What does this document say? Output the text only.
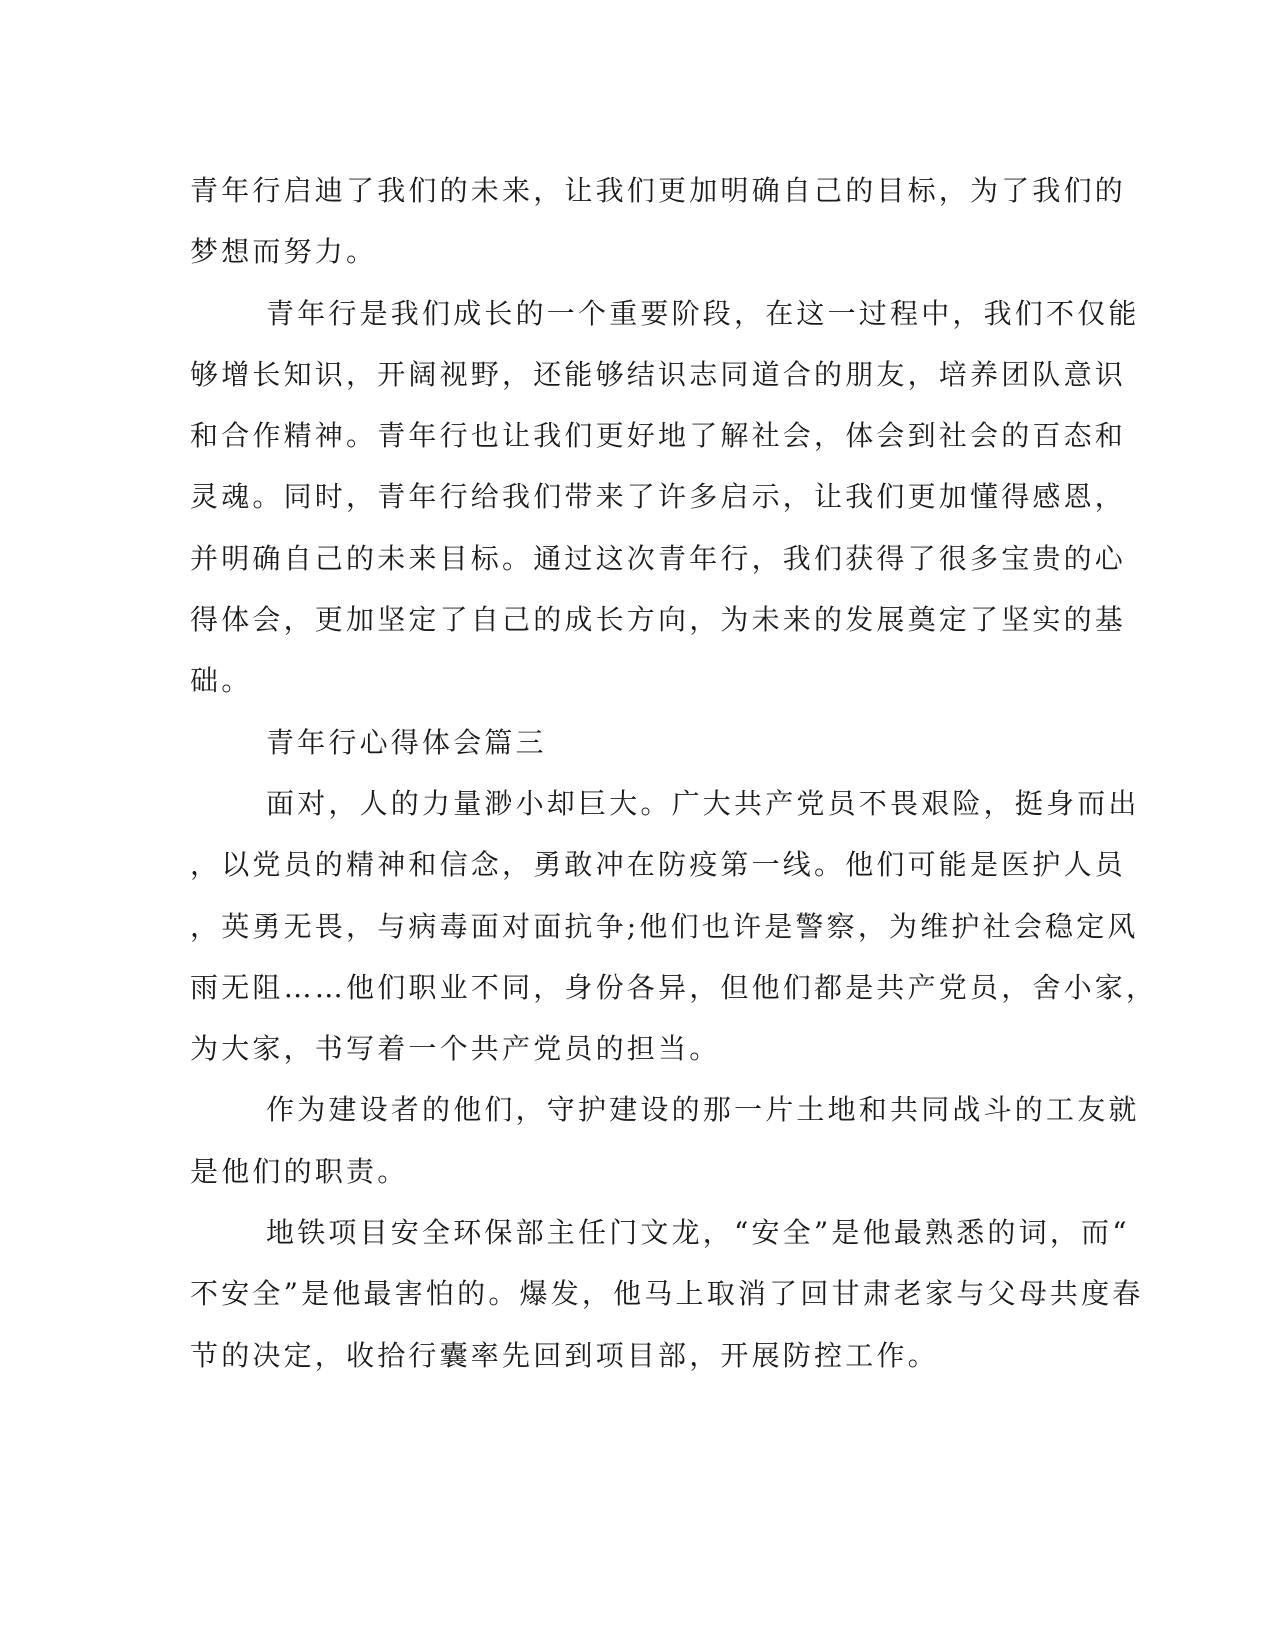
青年行启迪了我们的未来，让我们更加明确自己的目标，为了我们的
梦想而努力。
青年行是我们成长的一个重要阶段，在这一过程中，我们不仅能
够增长知识，开阔视野，还能够结识志同道合的朋友，培养团队意识
和合作精神。青年行也让我们更好地了解社会，体会到社会的百态和
灵魂。同时，青年行给我们带来了许多启示，让我们更加懂得感恩，
并明确自己的未来目标。通过这次青年行，我们获得了很多宝贵的心
得体会，更加坚定了自己的成长方向，为未来的发展奠定了坚实的基
础。
青年行心得体会篇三
面对，人的力量渺小却巨大。广大共产党员不畏艰险，挺身而出
，以党员的精神和信念，勇敢冲在防疫第一线。他们可能是医护人员
，英勇无畏，与病毒面对面抗争;他们也许是警察，为维护社会稳定风
雨无阻……他们职业不同，身份各异，但他们都是共产党员，舍小家，
为大家，书写着一个共产党员的担当。
作为建设者的他们，守护建设的那一片土地和共同战斗的工友就
是他们的职责。
地铁项目安全环保部主任门文龙，“安全”是他最熟悉的词，而“
不安全”是他最害怕的。爆发，他马上取消了回甘肃老家与父母共度春
节的决定，收拾行囊率先回到项目部，开展防控工作。
